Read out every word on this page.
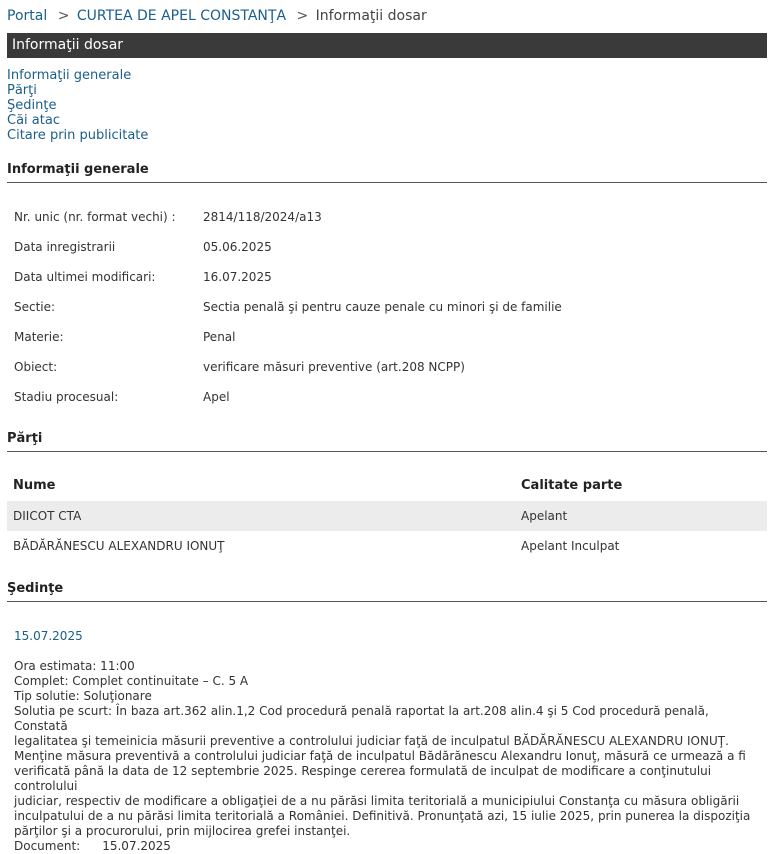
Portal > CURTEA DE APEL CONSTANŢA > Informaţii dosar
Informaţii dosar
Informaţii generale
Părţi
Şedinţe
Căi atac
Citare prin publicitate
Informaţii generale
Nr. unic (nr. format vechi) : 2814/118/2024/a13
Data inregistrarii	05.06.2025
Data ultimei modificari:	16.07.2025
Sectie:	Sectia penală şi pentru cauze penale cu minori şi de familie
Materie:	Penal
Obiect:	verificare măsuri preventive (art.208 NCPP)
Stadiu procesual:	Apel
Părţi
Nume	Calitate parte
DIICOT CTA	Apelant
BĂDĂRĂNESCU ALEXANDRU IONUŢ	Apelant Inculpat
Şedinţe
15.07.2025
Ora estimata: 11:00
Complet: Complet continuitate – C. 5 A
Tip solutie: Soluţionare
Solutia pe scurt: În baza art.362 alin.1,2 Cod procedură penală raportat la art.208 alin.4 şi 5 Cod procedură penală, Constată
legalitatea şi temeinicia măsurii preventive a controlului judiciar faţă de inculpatul BĂDĂRĂNESCU ALEXANDRU IONUŢ.
Menţine măsura preventivă a controlului judiciar faţă de inculpatul Bădărănescu Alexandru Ionuţ, măsură ce urmează a fi
verificată până la data de 12 septembrie 2025. Respinge cererea formulată de inculpat de modificare a conţinutului controlului
judiciar, respectiv de modificare a obligaţiei de a nu părăsi limita teritorială a municipiului Constanţa cu măsura obligării
inculpatului de a nu părăsi limita teritorială a României. Definitivă. Pronunţată azi, 15 iulie 2025, prin punerea la dispoziţia
părţilor şi a procurorului, prin mijlocirea grefei instanţei.
Document: 15.07.2025
